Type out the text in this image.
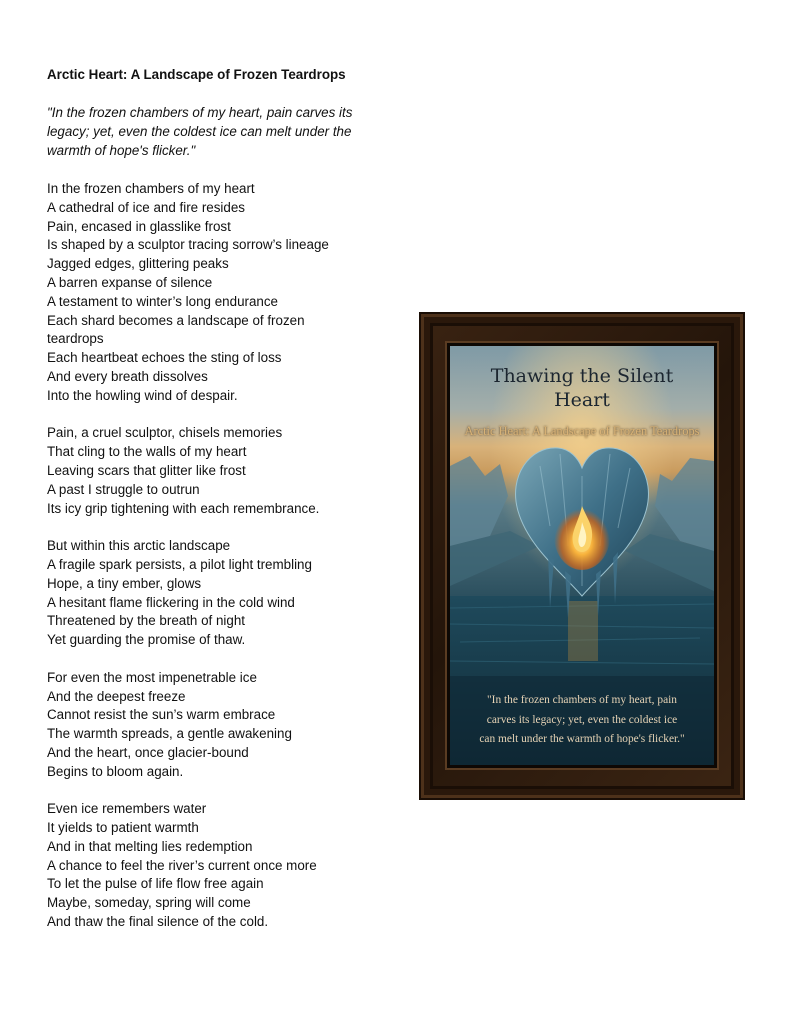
Arctic Heart: A Landscape of Frozen Teardrops

"In the frozen chambers of my heart, pain carves its legacy; yet, even the coldest ice can melt under the warmth of hope's flicker."

In the frozen chambers of my heart
A cathedral of ice and fire resides
Pain, encased in glasslike frost
Is shaped by a sculptor tracing sorrow’s lineage
Jagged edges, glittering peaks
A barren expanse of silence
A testament to winter’s long endurance
Each shard becomes a landscape of frozen
teardrops
Each heartbeat echoes the sting of loss
And every breath dissolves
Into the howling wind of despair.

Pain, a cruel sculptor, chisels memories
That cling to the walls of my heart
Leaving scars that glitter like frost
A past I struggle to outrun
Its icy grip tightening with each remembrance.

But within this arctic landscape
A fragile spark persists, a pilot light trembling
Hope, a tiny ember, glows
A hesitant flame flickering in the cold wind
Threatened by the breath of night
Yet guarding the promise of thaw.

For even the most impenetrable ice
And the deepest freeze
Cannot resist the sun’s warm embrace
The warmth spreads, a gentle awakening
And the heart, once glacier-bound
Begins to bloom again.

Even ice remembers water
It yields to patient warmth
And in that melting lies redemption
A chance to feel the river’s current once more
To let the pulse of life flow free again
Maybe, someday, spring will come
And thaw the final silence of the cold.

Thawing the Silent
Heart
Arctic Heart: A Landscape of Frozen Teardrops
"In the frozen chambers of my heart, pain
carves its legacy; yet, even the coldest ice
can melt under the warmth of hope's flicker."
